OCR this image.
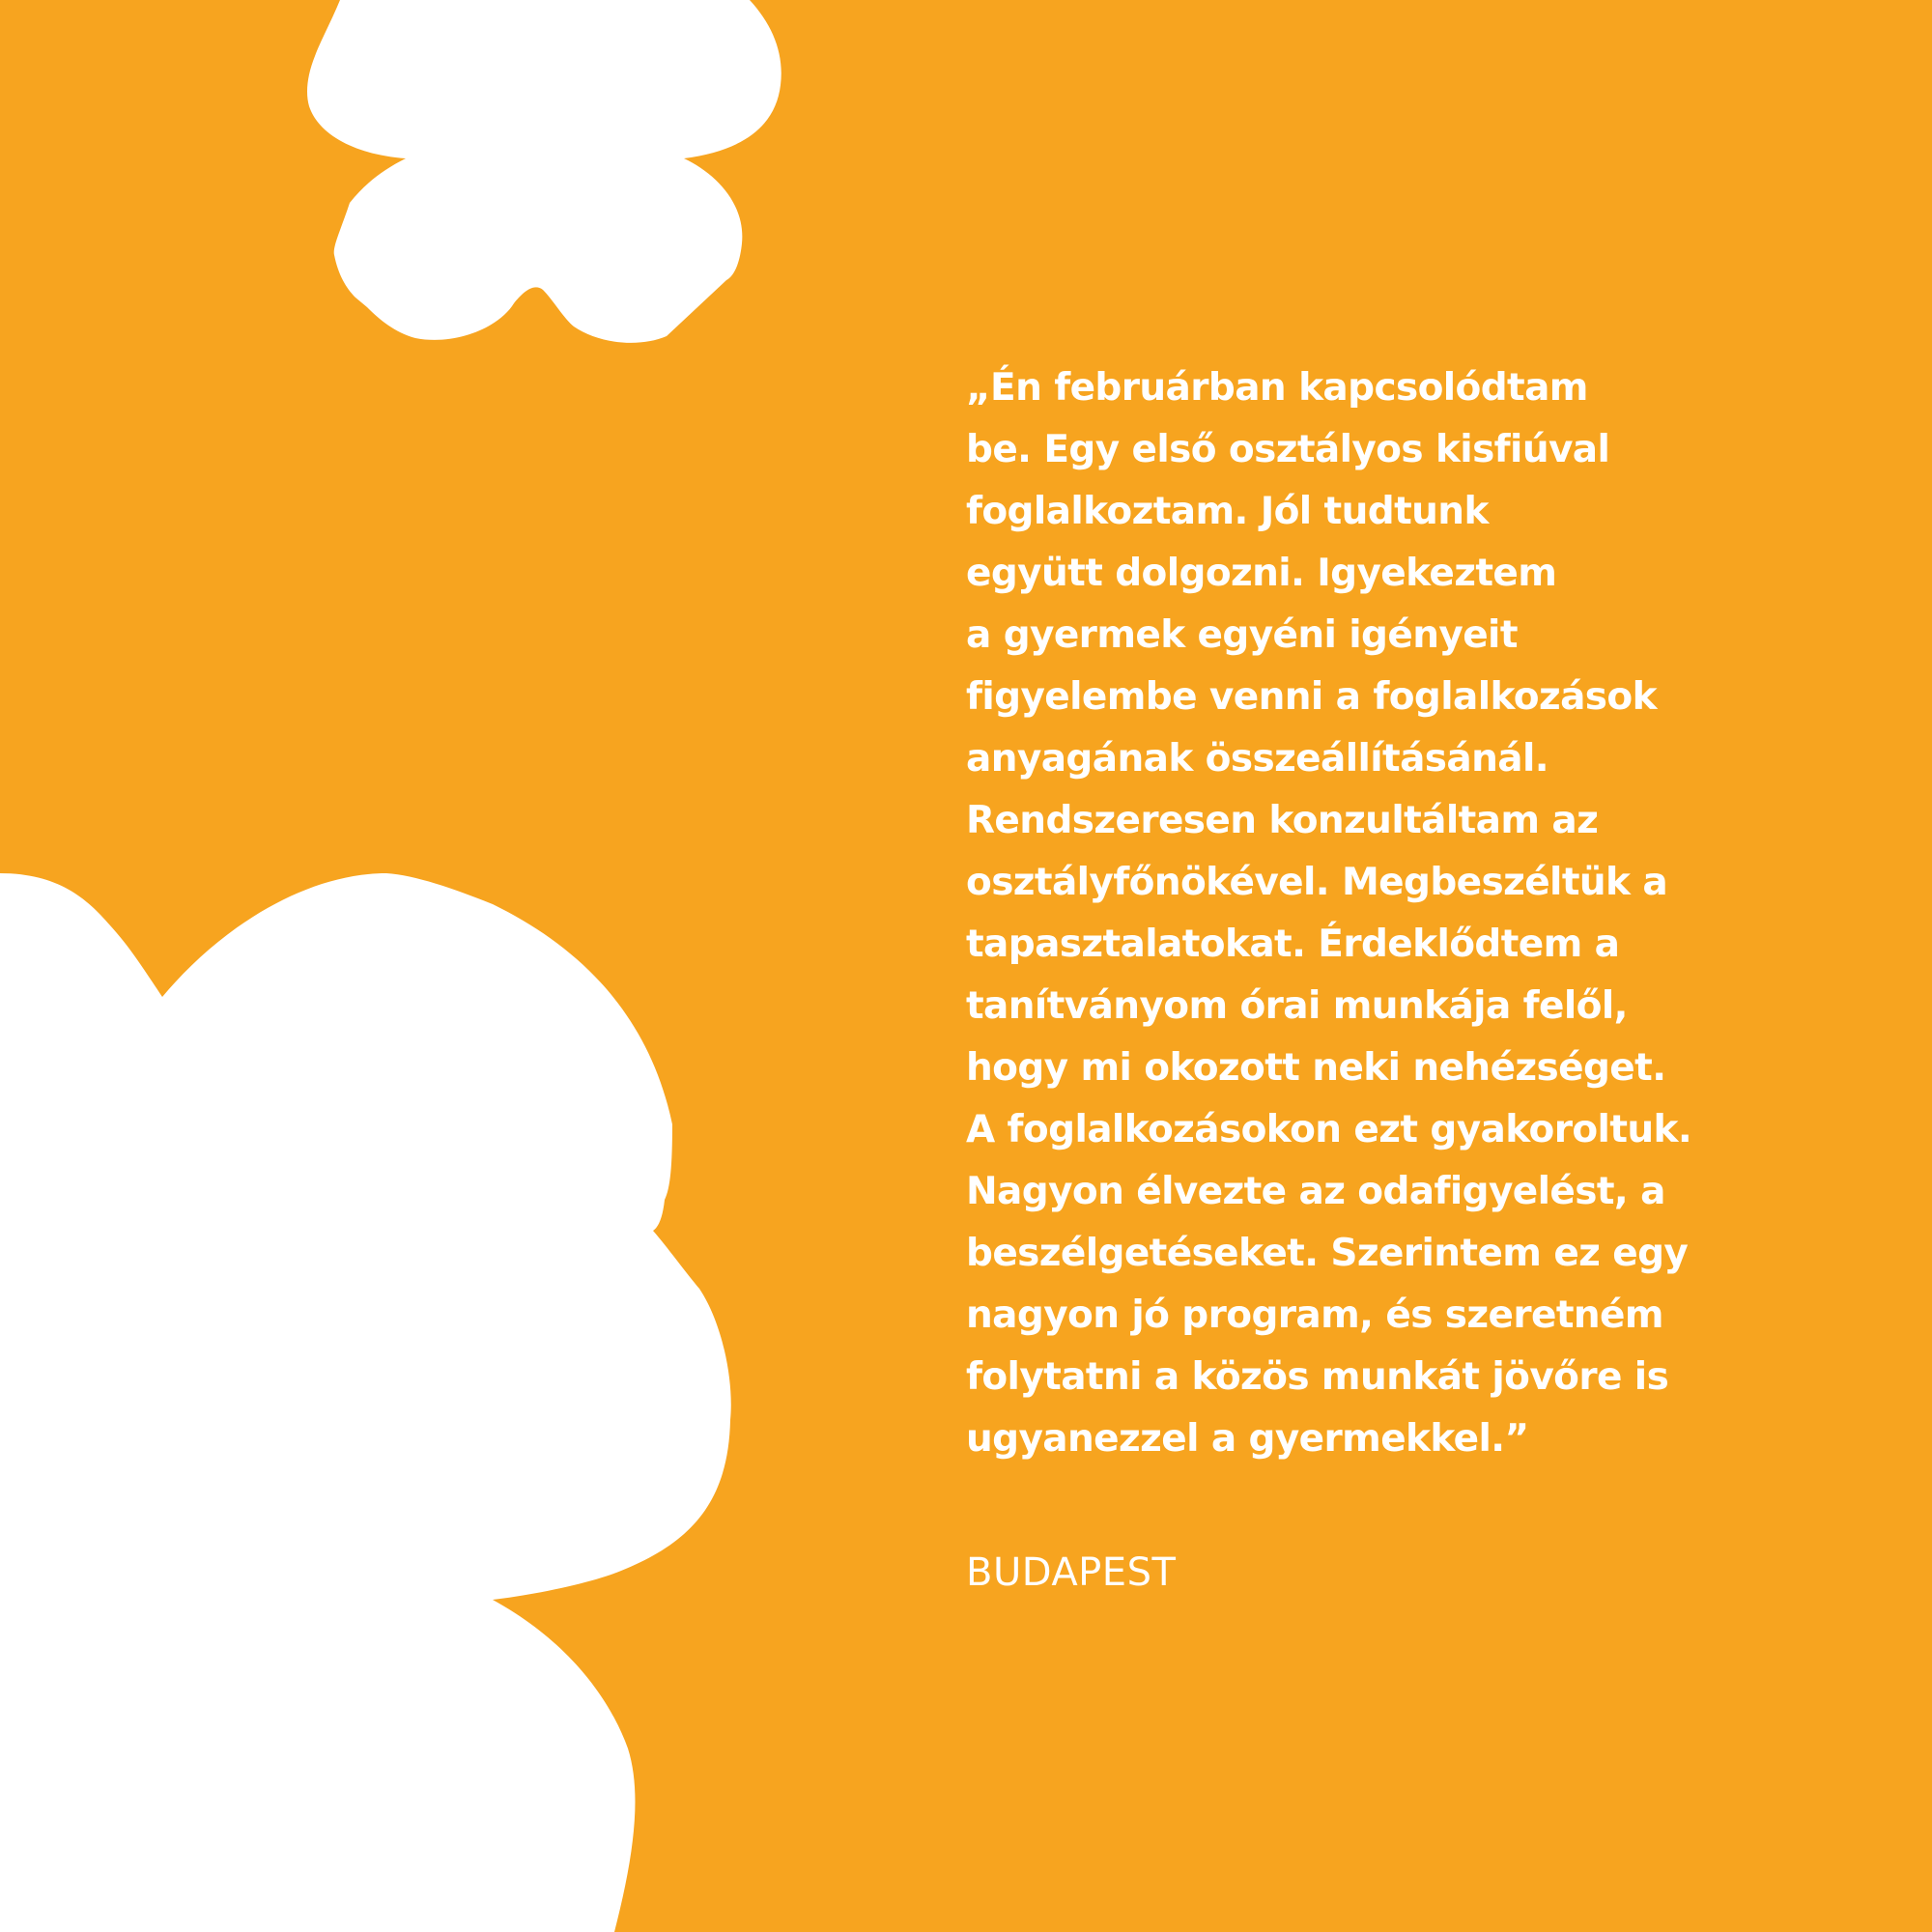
„Én februárban kapcsolódtam
be. Egy első osztályos kisfiúval
foglalkoztam. Jól tudtunk
együtt dolgozni. Igyekeztem
a gyermek egyéni igényeit
figyelembe venni a foglalkozások
anyagának összeállításánál.
Rendszeresen konzultáltam az
osztályfőnökével. Megbeszéltük a
tapasztalatokat. Érdeklődtem a
tanítványom órai munkája felől,
hogy mi okozott neki nehézséget.
A foglalkozásokon ezt gyakoroltuk.
Nagyon élvezte az odafigyelést, a
beszélgetéseket. Szerintem ez egy
nagyon jó program, és szeretném
folytatni a közös munkát jövőre is
ugyanezzel a gyermekkel.”
BUDAPEST
